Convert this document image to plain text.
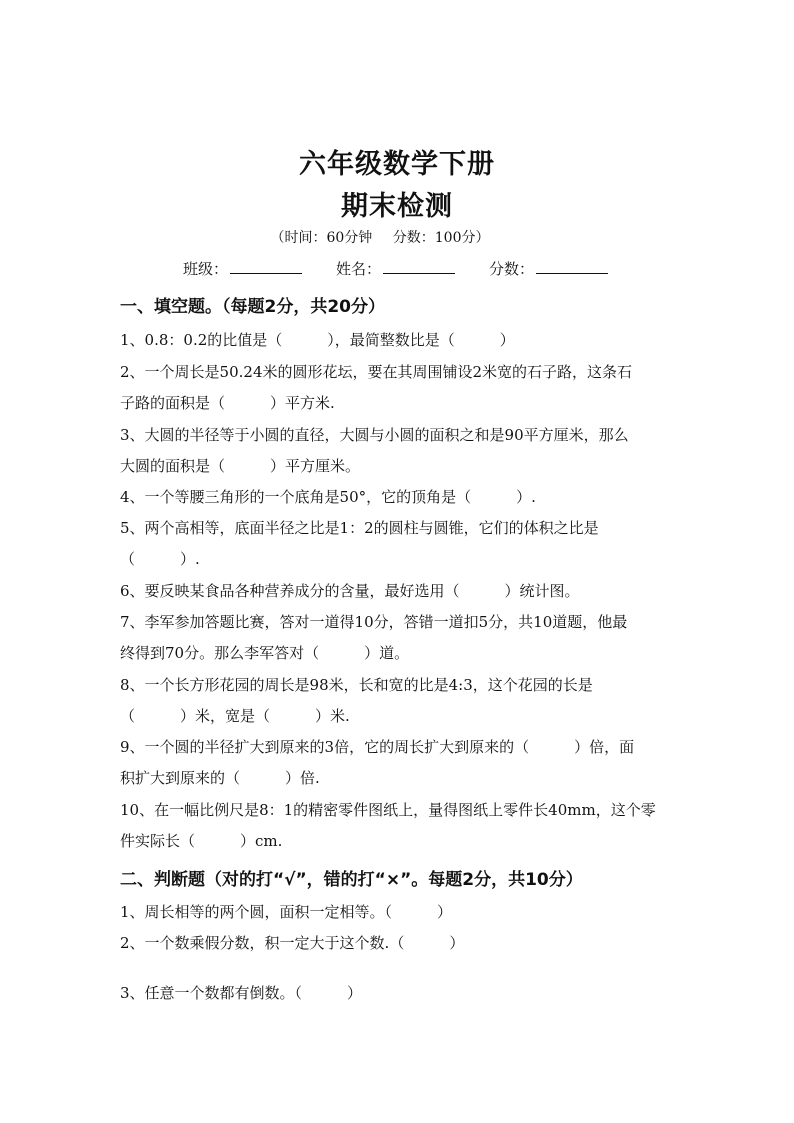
六年级数学下册
期末检测
（时间：60分钟 分数：100分）
班级：	姓名：	分数：
一、填空题。（每题2分，共20分）
1、0.8：0.2的比值是（　　　），最简整数比是（　　　）
2、一个周长是50.24米的圆形花坛，要在其周围铺设2米宽的石子路，这条石
子路的面积是（　　　）平方米.
3、大圆的半径等于小圆的直径，大圆与小圆的面积之和是90平方厘米，那么
大圆的面积是（　　　）平方厘米。
4、一个等腰三角形的一个底角是50°，它的顶角是（　　　）.
5、两个高相等，底面半径之比是1：2的圆柱与圆锥，它们的体积之比是
（　　　）.
6、要反映某食品各种营养成分的含量，最好选用（　　　）统计图。
7、李军参加答题比赛，答对一道得10分，答错一道扣5分，共10道题，他最
终得到70分。那么李军答对（　　　）道。
8、一个长方形花园的周长是98米，长和宽的比是4:3，这个花园的长是
（　　　）米，宽是（　　　）米.
9、一个圆的半径扩大到原来的3倍，它的周长扩大到原来的（　　　）倍，面
积扩大到原来的（　　　）倍.
10、在一幅比例尺是8：1的精密零件图纸上，量得图纸上零件长40mm，这个零
件实际长（　　　）cm.
二、判断题（对的打“√”，错的打“×”。每题2分，共10分）
1、周长相等的两个圆，面积一定相等。（　　　）
2、一个数乘假分数，积一定大于这个数.（　　　）
3、任意一个数都有倒数。（　　　）
